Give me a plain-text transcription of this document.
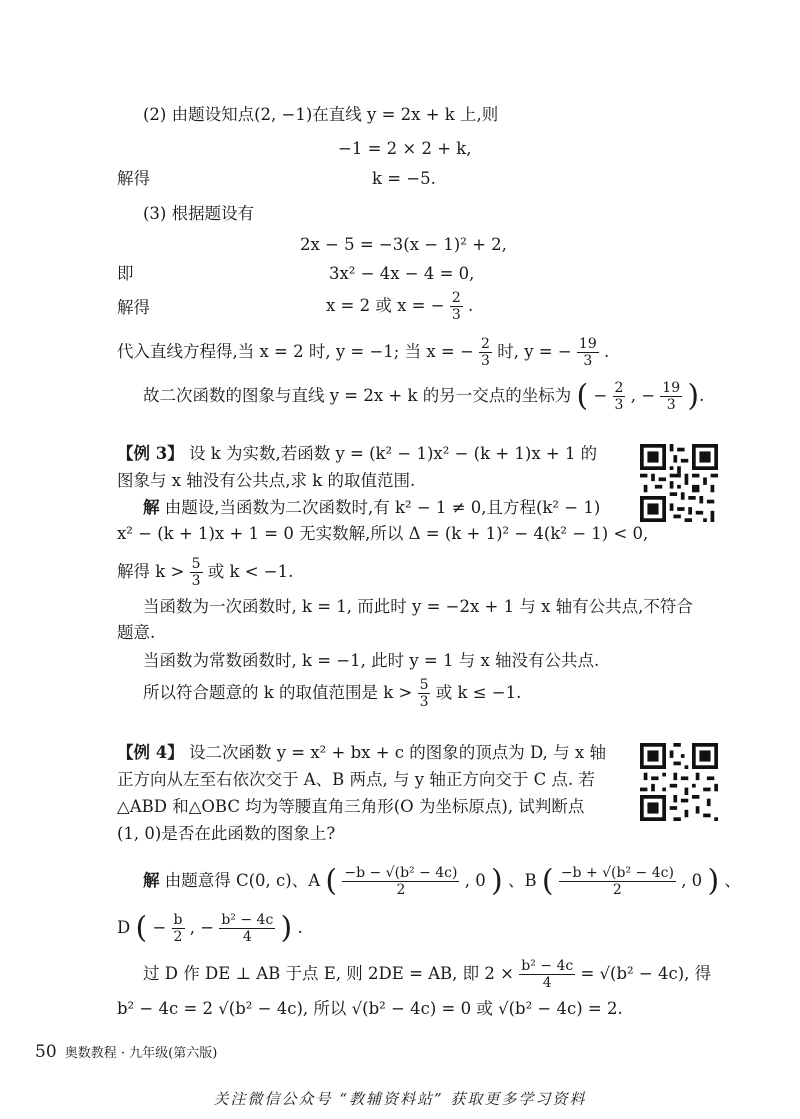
(2) 由题设知点(2, −1)在直线 y = 2x + k 上,则
−1 = 2 × 2 + k,
解得	k = −5.
(3) 根据题设有
2x − 5 = −3(x − 1)² + 2,
即	3x² − 4x − 4 = 0,
解得	x = 2 或 x = − $\frac{2}{3}$ .
代入直线方程得,当 x = 2 时, y = −1; 当 x = − $\frac{2}{3}$ 时, y = − $\frac{19}{3}$ .
故二次函数的图象与直线 y = 2x + k 的另一交点的坐标为 ( − $\frac{2}{3}$ , − $\frac{19}{3}$ ).
【例 3】 设 k 为实数,若函数 y = (k² − 1)x² − (k + 1)x + 1 的
图象与 x 轴没有公共点,求 k 的取值范围.
解 由题设,当函数为二次函数时,有 k² − 1 ≠ 0,且方程(k² − 1)
x² − (k + 1)x + 1 = 0 无实数解,所以 Δ = (k + 1)² − 4(k² − 1) < 0,
解得 $k > \frac{5}{3}$ 或 k < −1.
当函数为一次函数时, k = 1, 而此时 y = −2x + 1 与 x 轴有公共点,不符合
题意.
当函数为常数函数时, k = −1, 此时 y = 1 与 x 轴没有公共点.
所以符合题意的 k 的取值范围是 $k > \frac{5}{3}$ 或 k ≤ −1.
【例 4】 设二次函数 y = x² + bx + c 的图象的顶点为 D, 与 x 轴
正方向从左至右依次交于 A、B 两点, 与 y 轴正方向交于 C 点. 若
△ABD 和△OBC 均为等腰直角三角形(O 为坐标原点), 试判断点
(1, 0)是否在此函数的图象上?
解 由题意得 C(0, c)、A ( $\frac{\text{−b − √(b² − 4c)}}{2}$ , 0 ) 、B ( $\frac{\text{−b + √(b² − 4c)}}{2}$ , 0 ) 、
D ( − $\frac{b}{2}$ , − $\frac{\text{b² − 4c}}{4}$ ) .
过 D 作 DE ⊥ AB 于点 E, 则 2DE = AB, 即 $2 \times \frac{\text{b² − 4c}}{4} = √(b^2 - 4c)$, 得
b² − 4c = 2 √(b² − 4c), 所以 √(b² − 4c) = 0 或 √(b² − 4c) = 2.
50 奥数教程 · 九年级(第六版)
关注微信公众号 “教辅资料站” 获取更多学习资料
